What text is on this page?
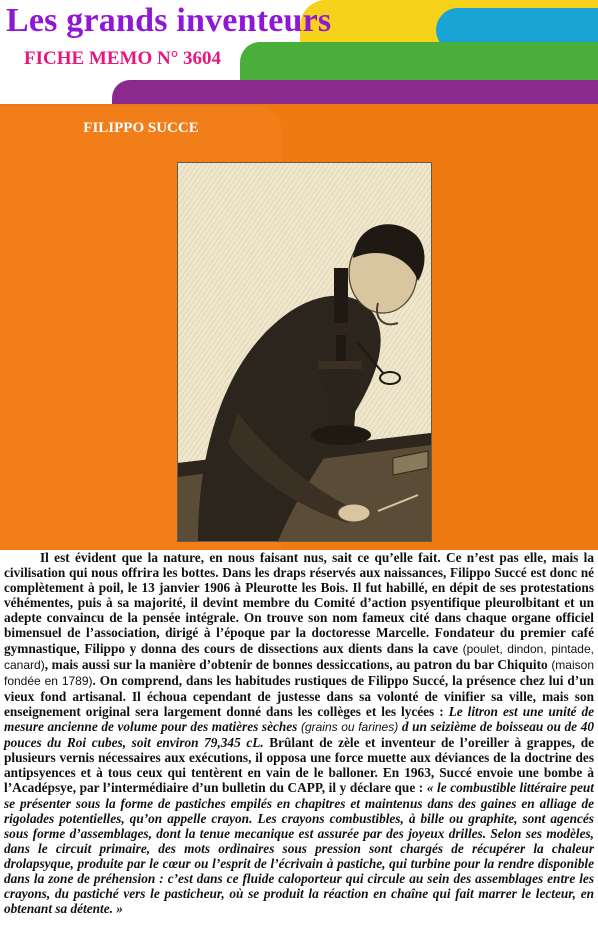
Les grands inventeurs
FICHE MEMO N° 3604
FILIPPO SUCCE

Il est évident que la nature, en nous faisant nus, sait ce qu’elle fait. Ce n’est pas elle, mais la civilisation qui nous offrira les bottes. Dans les draps réservés aux naissances, Filippo Succé est donc né complètement à poil, le 13 janvier 1906 à Pleurotte les Bois. Il fut habillé, en dépit de ses protestations véhémentes, puis à sa majorité, il devint membre du Comité d’action psyentifique pleurolbitant et un adepte convaincu de la pensée intégrale. On trouve son nom fameux cité dans chaque organe officiel bimensuel de l’association, dirigé à l’époque par la doctoresse Marcelle. Fondateur du premier café gymnastique, Filippo y donna des cours de dissections aux dients dans la cave (poulet, dindon, pintade, canard), mais aussi sur la manière d’obtenir de bonnes dessiccations, au patron du bar Chiquito (maison fondée en 1789). On comprend, dans les habitudes rustiques de Filippo Succé, la présence chez lui d’un vieux fond artisanal. Il échoua cependant de justesse dans sa volonté de vinifier sa ville, mais son enseignement original sera largement donné dans les collèges et les lycées : Le litron est une unité de mesure ancienne de volume pour des matières sèches (grains ou farines) d un seizième de boisseau ou de 40 pouces du Roi cubes, soit environ 79,345 cL. Brûlant de zèle et inventeur de l’oreiller à grappes, de plusieurs vernis nécessaires aux exécutions, il opposa une force muette aux déviances de la doctrine des antipsyences et à tous ceux qui tentèrent en vain de le balloner. En 1963, Succé envoie une bombe à l’Acadépsye, par l’intermédiaire d’un bulletin du CAPP, il y déclare que : « le combustible littéraire peut se présenter sous la forme de pastiches empilés en chapitres et maintenus dans des gaines en alliage de rigolades potentielles, qu’on appelle crayon. Les crayons combustibles, à bille ou graphite, sont agencés sous forme d’assemblages, dont la tenue mecanique est assurée par des joyeux drilles. Selon ses modèles, dans le circuit primaire, des mots ordinaires sous pression sont chargés de récupérer la chaleur drolapsyque, produite par le cœur ou l’esprit de l’écrivain à pastiche, qui turbine pour la rendre disponible dans la zone de préhension : c’est dans ce fluide caloporteur qui circule au sein des assemblages entre les crayons, du pastiché vers le pasticheur, où se produit la réaction en chaîne qui fait marrer le lecteur, en obtenant sa détente. »
